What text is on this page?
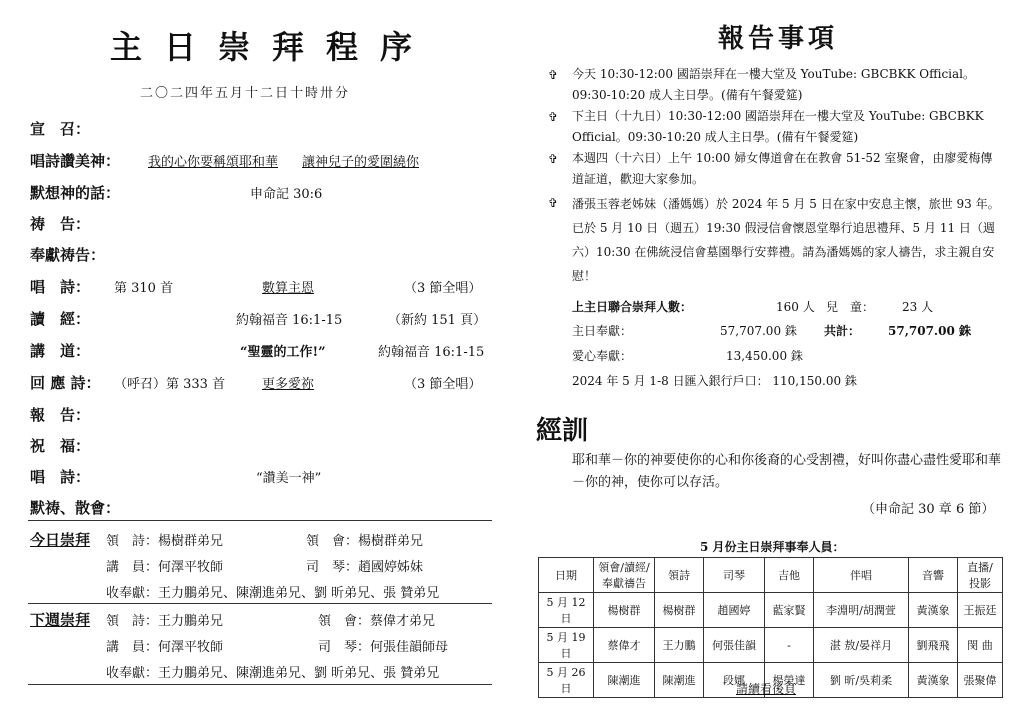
主日崇拜程序
二〇二四年五月十二日十時卅分
宣　召：
唱詩讚美神： 我的心你要稱頌耶和華 讓神兒子的愛圍繞你
默想神的話：	申命記 30:6
祷　告：
奉獻祷告：
唱　詩： 第 310 首	數算主恩	（3 節全唱）
讀　經：	約翰福音 16:1-15	（新約 151 頁）
講　道：	“聖靈的工作!”	約翰福音 16:1-15
回 應 詩： （呼召）第 333 首	更多愛祢	（3 節全唱）
報　告：
祝　福：
唱　詩：	“讚美一神”
默祷、散會：
今日崇拜 領　詩：楊樹群弟兄	領　會：楊樹群弟兄
講　員：何澤平牧師	司　琴：趙國婷姊妹
收奉獻：王力鵬弟兄、陳潮進弟兄、劉 昕弟兄、張 贊弟兄
下週崇拜 領　詩：王力鵬弟兄	領　會：蔡偉才弟兄
講　員：何澤平牧師	司　琴：何張佳韻師母
收奉獻：王力鵬弟兄、陳潮進弟兄、劉 昕弟兄、張 贊弟兄
報告事項
✞ 今天 10:30-12:00 國語崇拜在一樓大堂及 YouTube: GBCBKK Official。09:30-10:20 成人主日學。(備有午餐愛筵)
✞ 下主日（十九日）10:30-12:00 國語崇拜在一樓大堂及 YouTube: GBCBKK Official。09:30-10:20 成人主日學。(備有午餐愛筵)
✞ 本週四（十六日）上午 10:00 婦女傳道會在在教會 51-52 室聚會，由廖愛梅傳道証道，歡迎大家參加。
✞ 潘張玉蓉老姊妹（潘媽媽）於 2024 年 5 月 5 日在家中安息主懷，旅世 93 年。已於 5 月 10 日（週五）19:30 假浸信會懷恩堂舉行追思禮拜、5 月 11 日（週六）10:30 在佛統浸信會墓園舉行安葬禮。請為潘媽媽的家人禱告，求主親自安慰！
上主日聯合崇拜人數：	160 人 兒　童： 23 人
主日奉獻：	57,707.00 銖 共計： 57,707.00 銖
愛心奉獻：	13,450.00 銖
2024 年 5 月 1-8 日匯入銀行戶口： 110,150.00 銖
經訓
耶和華－你的神要使你的心和你後裔的心受割禮，好叫你盡心盡性愛耶和華－你的神，使你可以存活。
（申命記 30 章 6 節）
5 月份主日崇拜事奉人員：
日期	領會/讀經/奉獻禱告	領詩	司琴	吉他	伴唱	音響	直播/投影
5 月 12 日	楊樹群	楊樹群	趙國婷	藍家賢	李淵明/胡潤萱	黃漢象	王振廷
5 月 19 日	蔡偉才	王力鵬	何張佳韻	-	湛 敖/晏祥月	劉飛飛	閔 曲
5 月 26 日	陳潮進	陳潮進	段娜	楊榮達	劉 昕/吳莉柔	黃漢象	張聚偉
請續看後頁
